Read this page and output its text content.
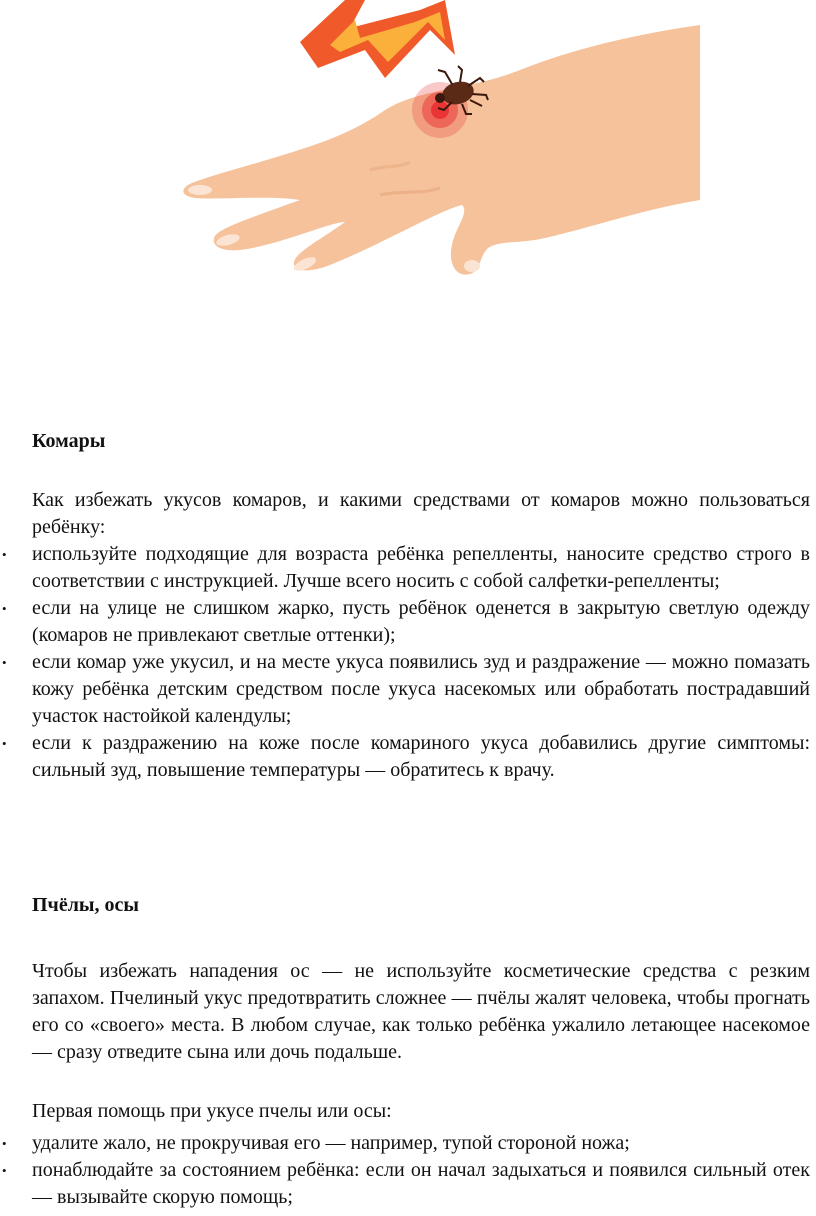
Комары
Как избежать укусов комаров, и какими средствами от комаров можно пользоваться ребёнку:
• используйте подходящие для возраста ребёнка репелленты, наносите средство строго в соответствии с инструкцией. Лучше всего носить с собой салфетки-репелленты;
• если на улице не слишком жарко, пусть ребёнок оденется в закрытую светлую одежду (комаров не привлекают светлые оттенки);
• если комар уже укусил, и на месте укуса появились зуд и раздражение — можно помазать кожу ребёнка детским средством после укуса насекомых или обработать пострадавший участок настойкой календулы;
• если к раздражению на коже после комариного укуса добавились другие симптомы: сильный зуд, повышение температуры — обратитесь к врачу.
Пчёлы, осы
Чтобы избежать нападения ос — не используйте косметические средства с резким запахом. Пчелиный укус предотвратить сложнее — пчёлы жалят человека, чтобы прогнать его со «своего» места. В любом случае, как только ребёнка ужалило летающее насекомое — сразу отведите сына или дочь подальше.
Первая помощь при укусе пчелы или осы:
• удалите жало, не прокручивая его — например, тупой стороной ножа;
• понаблюдайте за состоянием ребёнка: если он начал задыхаться и появился сильный отек — вызывайте скорую помощь;
